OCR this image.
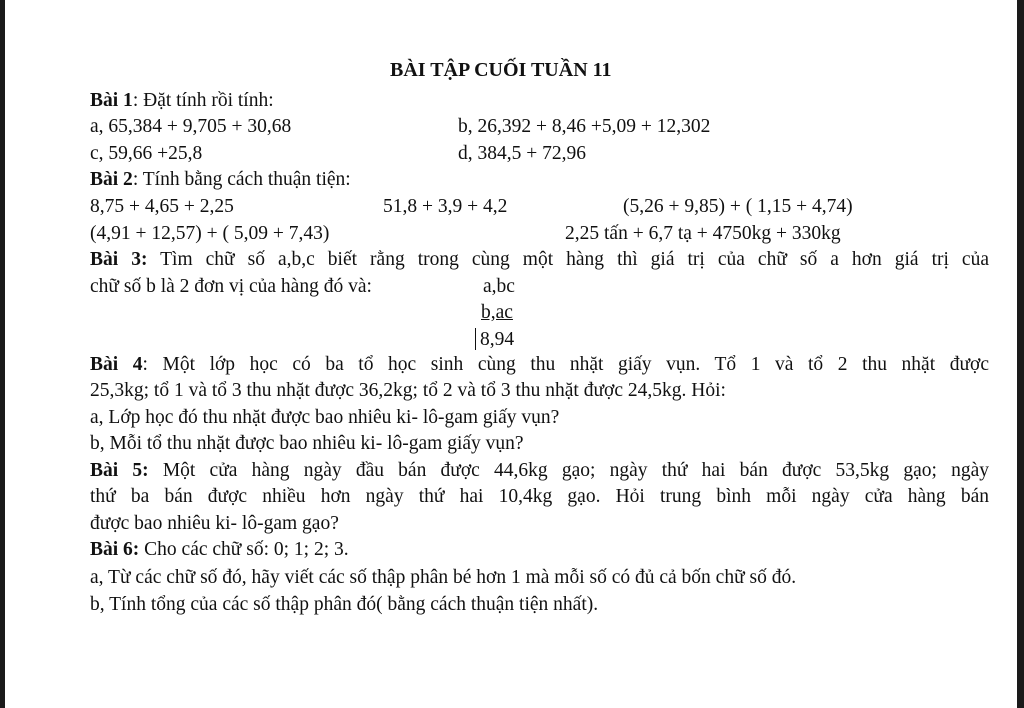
BÀI TẬP CUỐI TUẦN 11
Bài 1: Đặt tính rồi tính:
a, 65,384 + 9,705 + 30,68	b, 26,392 + 8,46 +5,09 + 12,302
c, 59,66 +25,8	d, 384,5 + 72,96
Bài 2: Tính bằng cách thuận tiện:
8,75 + 4,65 + 2,25	51,8 + 3,9 + 4,2	(5,26 + 9,85) + ( 1,15 + 4,74)
(4,91 + 12,57) + ( 5,09 + 7,43)	2,25 tấn + 6,7 tạ + 4750kg + 330kg
Bài 3: Tìm chữ số a,b,c biết rằng trong cùng một hàng thì giá trị của chữ số a hơn giá trị của
chữ số b là 2 đơn vị của hàng đó và:	a,bc
b,ac
8,94
Bài 4: Một lớp học có ba tổ học sinh cùng thu nhặt giấy vụn. Tổ 1 và tổ 2 thu nhặt được
25,3kg; tổ 1 và tổ 3 thu nhặt được 36,2kg; tổ 2 và tổ 3 thu nhặt được 24,5kg. Hỏi:
a, Lớp học đó thu nhặt được bao nhiêu ki- lô-gam giấy vụn?
b, Mỗi tổ thu nhặt được bao nhiêu ki- lô-gam giấy vụn?
Bài 5: Một cửa hàng ngày đầu bán được 44,6kg gạo; ngày thứ hai bán được 53,5kg gạo; ngày
thứ ba bán được nhiều hơn ngày thứ hai 10,4kg gạo. Hỏi trung bình mỗi ngày cửa hàng bán
được bao nhiêu ki- lô-gam gạo?
Bài 6: Cho các chữ số: 0; 1; 2; 3.
a, Từ các chữ số đó, hãy viết các số thập phân bé hơn 1 mà mỗi số có đủ cả bốn chữ số đó.
b, Tính tổng của các số thập phân đó( bằng cách thuận tiện nhất).
